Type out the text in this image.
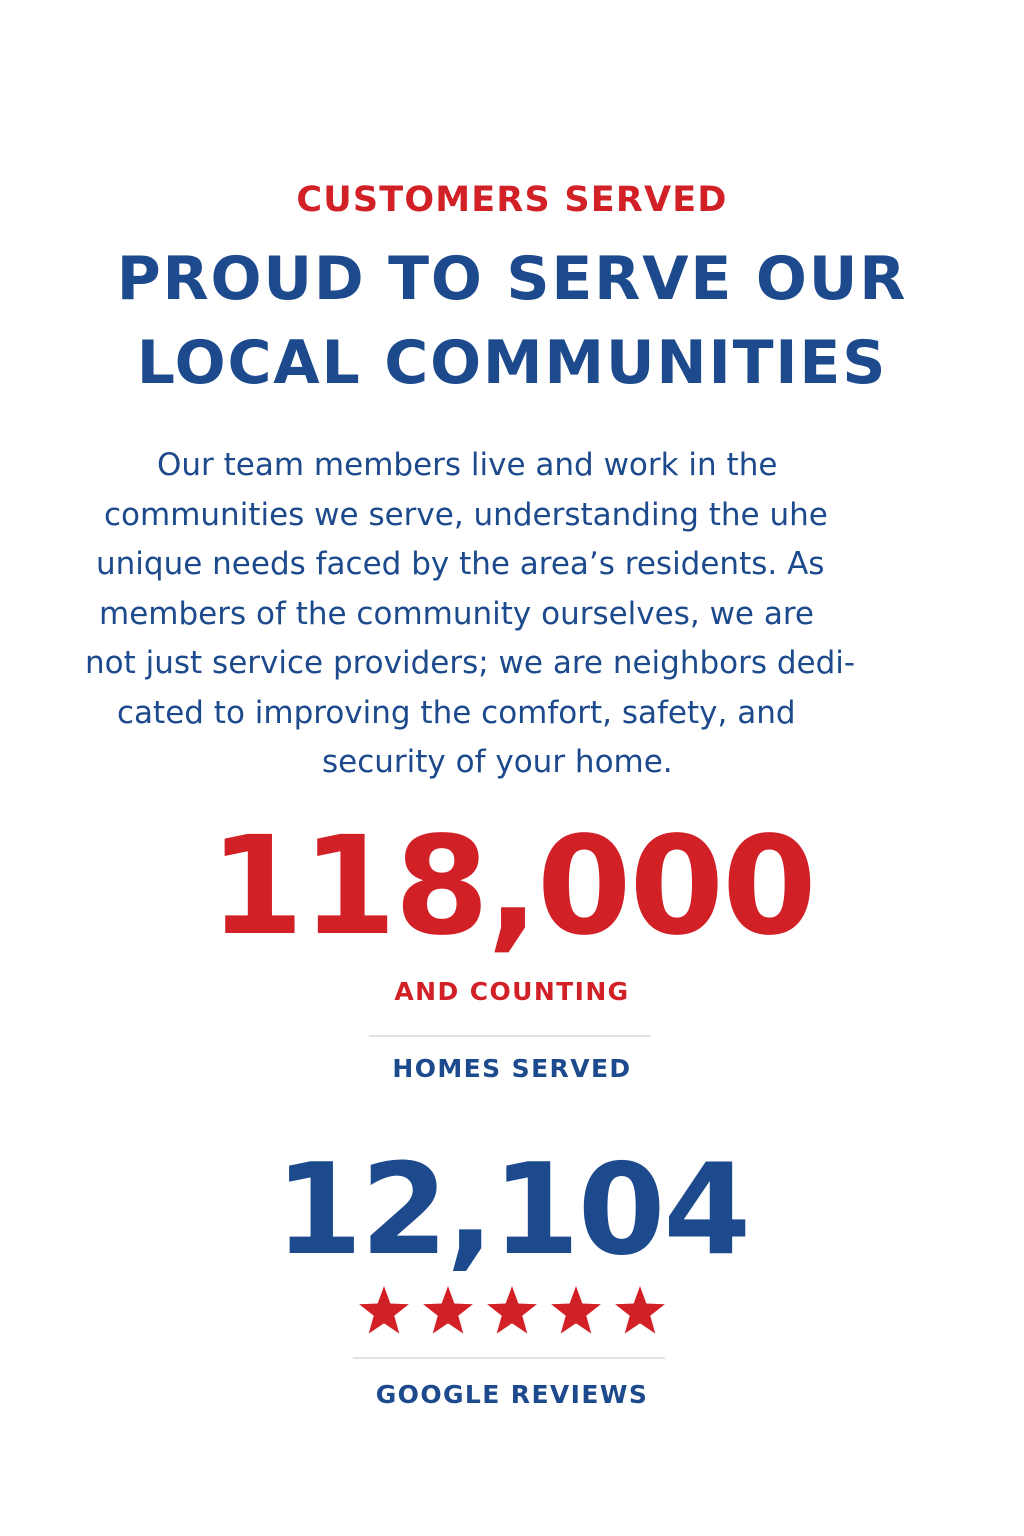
CUSTOMERS SERVED
PROUD TO SERVE OUR
LOCAL COMMUNITIES

Our team members live and work in the
communities we serve, understanding the uhe
unique needs faced by the area’s residents. As
members of the community ourselves, we are
not just service providers; we are neighbors dedi-
cated to improving the comfort, safety, and
security of your home.

118,000
AND COUNTING
HOMES SERVED
12,104
GOOGLE REVIEWS
